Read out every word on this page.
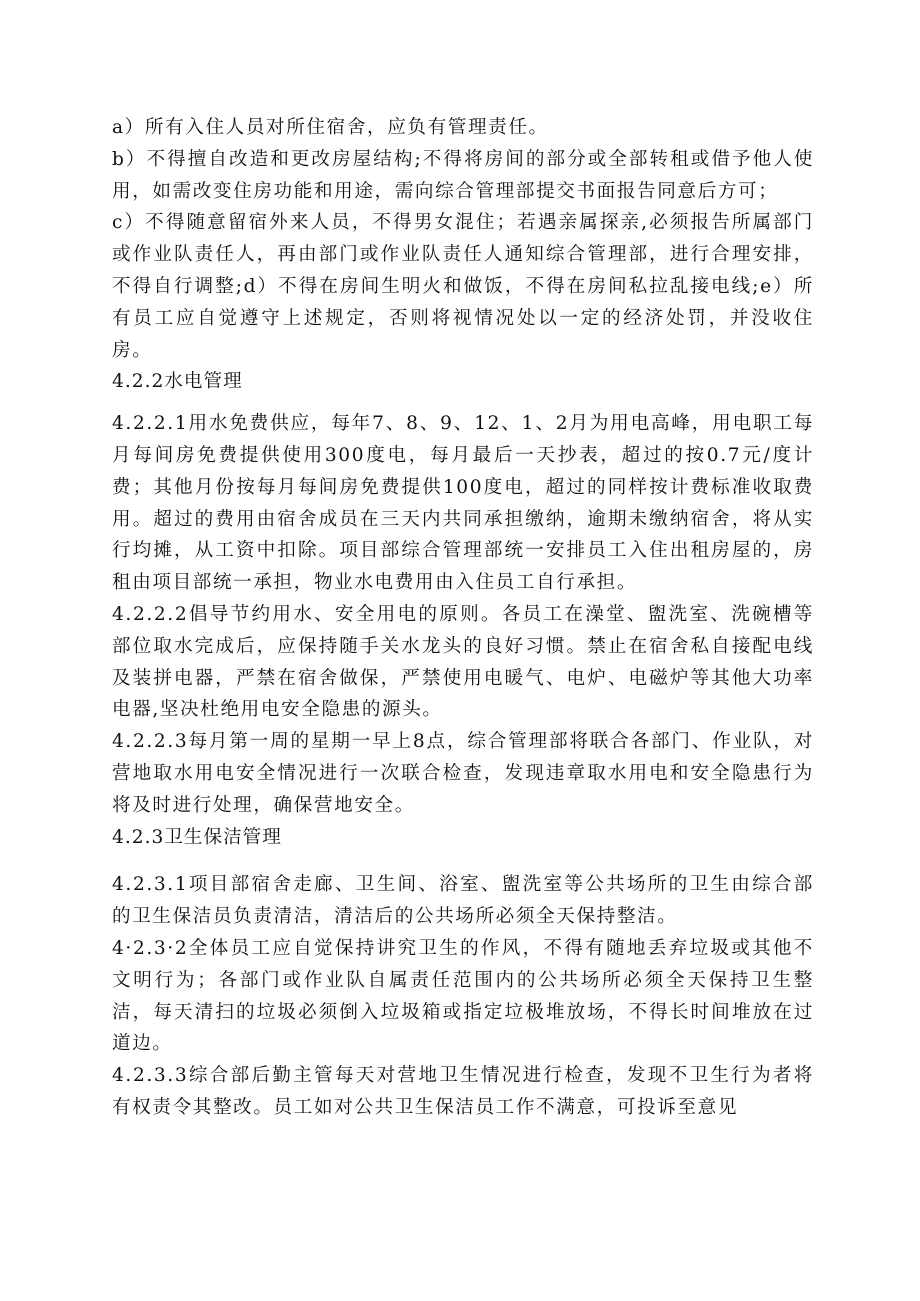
a）所有入住人员对所住宿舍，应负有管理责任。

b）不得擅自改造和更改房屋结构;不得将房间的部分或全部转租或借予他人使用，如需改变住房功能和用途，需向综合管理部提交书面报告同意后方可；

c）不得随意留宿外来人员，不得男女混住；若遇亲属探亲,必须报告所属部门或作业队责任人，再由部门或作业队责任人通知综合管理部，进行合理安排，不得自行调整;d）不得在房间生明火和做饭，不得在房间私拉乱接电线;e）所有员工应自觉遵守上述规定，否则将视情况处以一定的经济处罚，并没收住房。

4.2.2水电管理

4.2.2.1用水免费供应，每年7、8、9、12、1、2月为用电高峰，用电职工每月每间房免费提供使用300度电，每月最后一天抄表，超过的按0.7元/度计费；其他月份按每月每间房免费提供100度电，超过的同样按计费标准收取费用。超过的费用由宿舍成员在三天内共同承担缴纳，逾期未缴纳宿舍，将从实行均摊，从工资中扣除。项目部综合管理部统一安排员工入住出租房屋的，房租由项目部统一承担，物业水电费用由入住员工自行承担。

4.2.2.2倡导节约用水、安全用电的原则。各员工在澡堂、盥洗室、洗碗槽等部位取水完成后，应保持随手关水龙头的良好习惯。禁止在宿舍私自接配电线及装拼电器，严禁在宿舍做保，严禁使用电暖气、电炉、电磁炉等其他大功率电器,坚决杜绝用电安全隐患的源头。

4.2.2.3每月第一周的星期一早上8点，综合管理部将联合各部门、作业队，对营地取水用电安全情况进行一次联合检查，发现违章取水用电和安全隐患行为将及时进行处理，确保营地安全。

4.2.3卫生保洁管理

4.2.3.1项目部宿舍走廊、卫生间、浴室、盥洗室等公共场所的卫生由综合部的卫生保洁员负责清洁，清洁后的公共场所必须全天保持整洁。

4·2.3·2全体员工应自觉保持讲究卫生的作风，不得有随地丢弃垃圾或其他不文明行为；各部门或作业队自属责任范围内的公共场所必须全天保持卫生整洁，每天清扫的垃圾必须倒入垃圾箱或指定垃极堆放场，不得长时间堆放在过道边。

4.2.3.3综合部后勤主管每天对营地卫生情况进行检查，发现不卫生行为者将有权责令其整改。员工如对公共卫生保洁员工作不满意，可投诉至意见
